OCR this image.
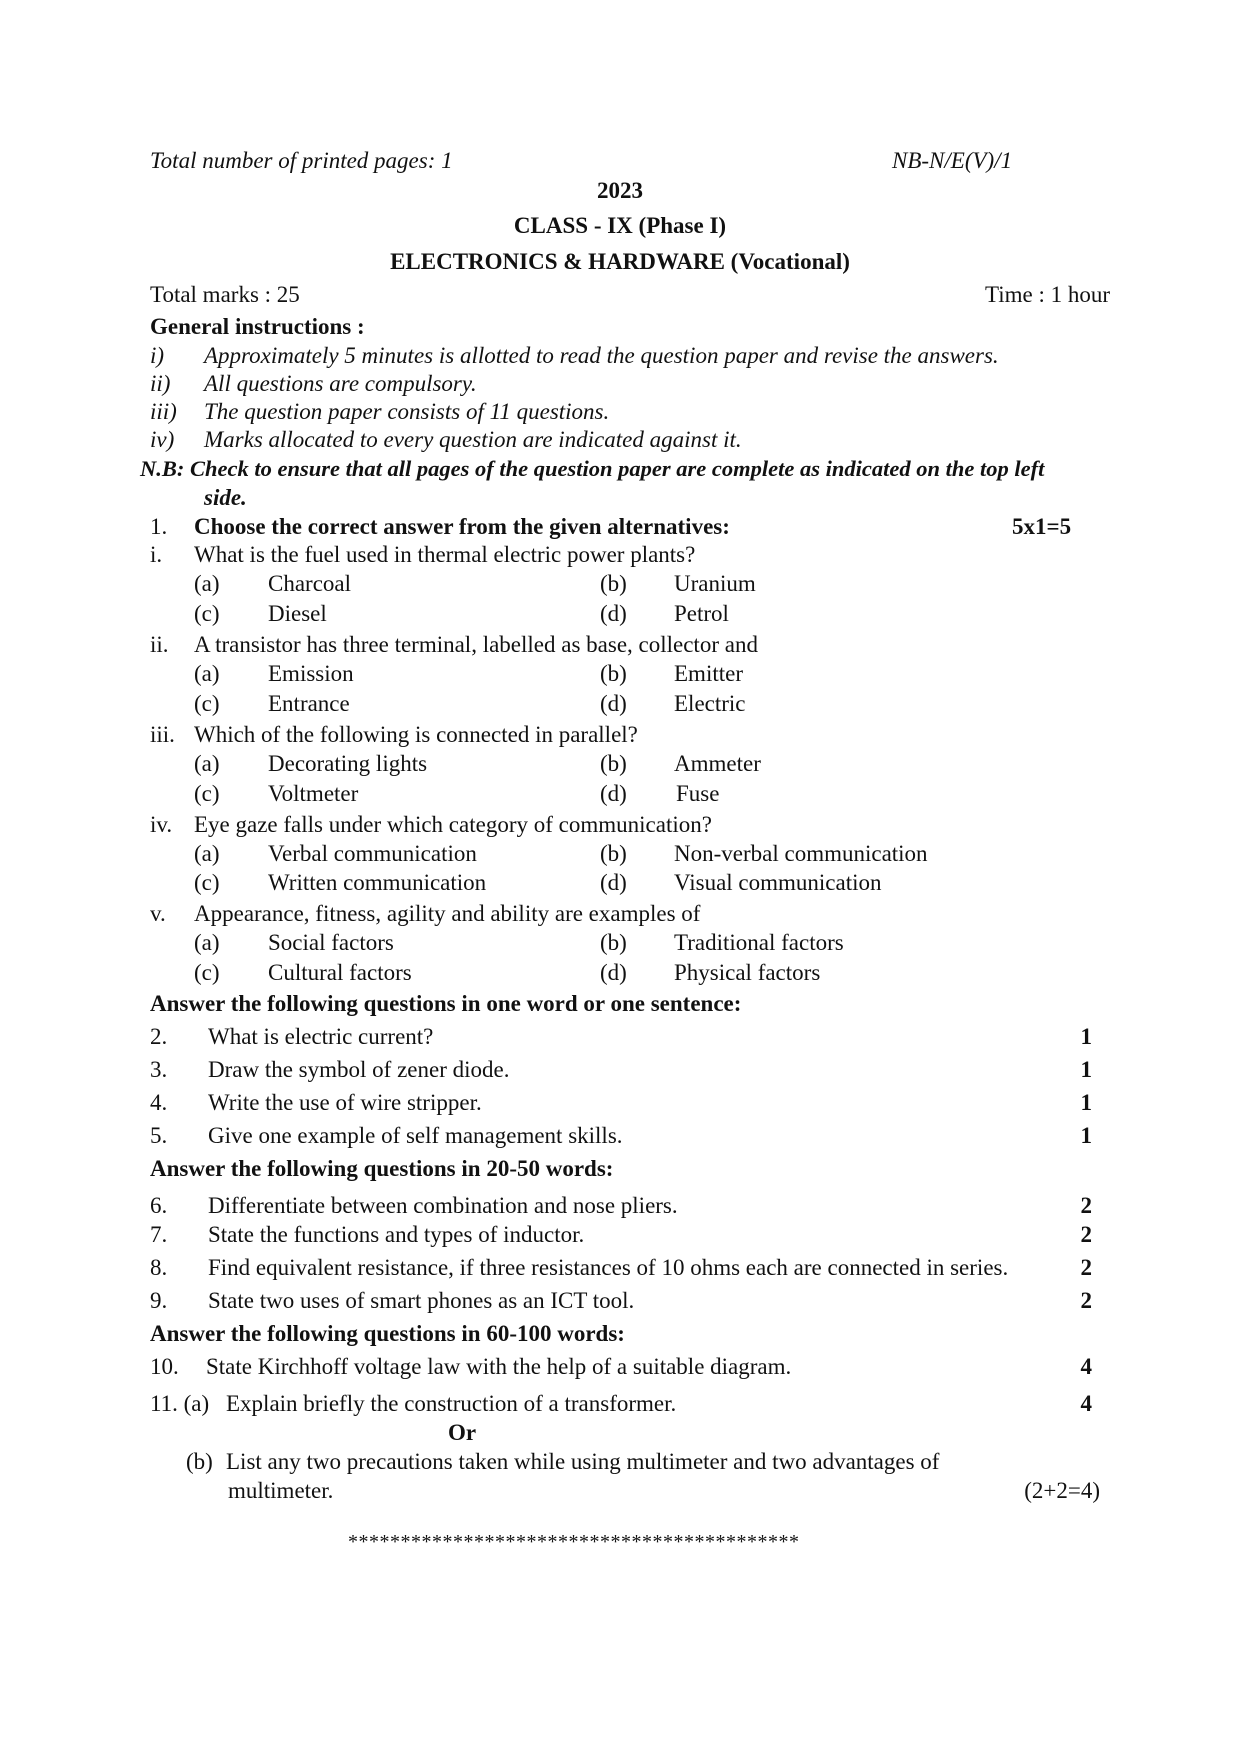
Total number of printed pages: 1	NB-N/E(V)/1
2023
CLASS - IX (Phase I)
ELECTRONICS & HARDWARE (Vocational)
Total marks : 25	Time : 1 hour
General instructions :
i) Approximately 5 minutes is allotted to read the question paper and revise the answers.
ii) All questions are compulsory.
iii) The question paper consists of 11 questions.
iv) Marks allocated to every question are indicated against it.
N.B: Check to ensure that all pages of the question paper are complete as indicated on the top left
side.
1. Choose the correct answer from the given alternatives:	5x1=5
i. What is the fuel used in thermal electric power plants?
(a) Charcoal	(b) Uranium
(c) Diesel	(d) Petrol
ii. A transistor has three terminal, labelled as base, collector and
(a) Emission	(b) Emitter
(c) Entrance	(d) Electric
iii. Which of the following is connected in parallel?
(a) Decorating lights	(b) Ammeter
(c) Voltmeter	(d) Fuse
iv. Eye gaze falls under which category of communication?
(a) Verbal communication	(b) Non-verbal communication
(c) Written communication	(d) Visual communication
v. Appearance, fitness, agility and ability are examples of
(a) Social factors	(b) Traditional factors
(c) Cultural factors	(d) Physical factors
Answer the following questions in one word or one sentence:
2. What is electric current?	1
3. Draw the symbol of zener diode.	1
4. Write the use of wire stripper.	1
5. Give one example of self management skills.	1
Answer the following questions in 20-50 words:
6. Differentiate between combination and nose pliers.	2
7. State the functions and types of inductor.	2
8. Find equivalent resistance, if three resistances of 10 ohms each are connected in series.	2
9. State two uses of smart phones as an ICT tool.	2
Answer the following questions in 60-100 words:
10. State Kirchhoff voltage law with the help of a suitable diagram.	4
11. (a) Explain briefly the construction of a transformer.	4
Or
(b) List any two precautions taken while using multimeter and two advantages of
multimeter.	(2+2=4)
*******************************************
